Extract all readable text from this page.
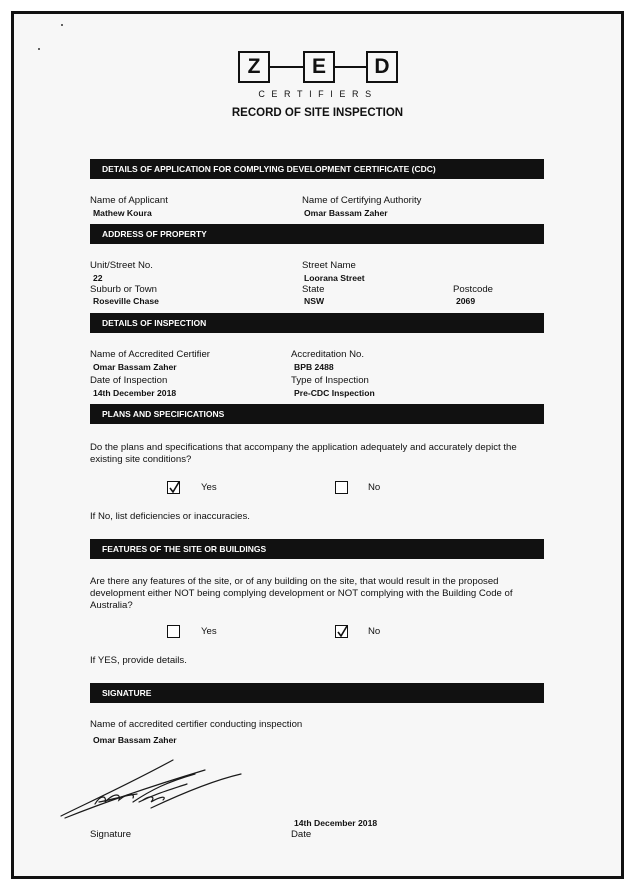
Z	E	D
CERTIFIERS
RECORD OF SITE INSPECTION
DETAILS OF APPLICATION FOR COMPLYING DEVELOPMENT CERTIFICATE (CDC)
Name of Applicant
Mathew Koura
Name of Certifying Authority
Omar Bassam Zaher
ADDRESS OF PROPERTY
Unit/Street No.
22
Street Name
Loorana Street
Suburb or Town
Roseville Chase
State
NSW
Postcode
2069
DETAILS OF INSPECTION
Name of Accredited Certifier
Omar Bassam Zaher
Accreditation No.
BPB 2488
Date of Inspection
14th December 2018
Type of Inspection
Pre-CDC Inspection
PLANS AND SPECIFICATIONS
Do the plans and specifications that accompany the application adequately and accurately depict the existing site conditions?
Yes	No
If No, list deficiencies or inaccuracies.
FEATURES OF THE SITE OR BUILDINGS
Are there any features of the site, or of any building on the site, that would result in the proposed development either NOT being complying development or NOT complying with the Building Code of Australia?
Yes	No
If YES, provide details.
SIGNATURE
Name of accredited certifier conducting inspection
Omar Bassam Zaher
14th December 2018
Signature	Date
